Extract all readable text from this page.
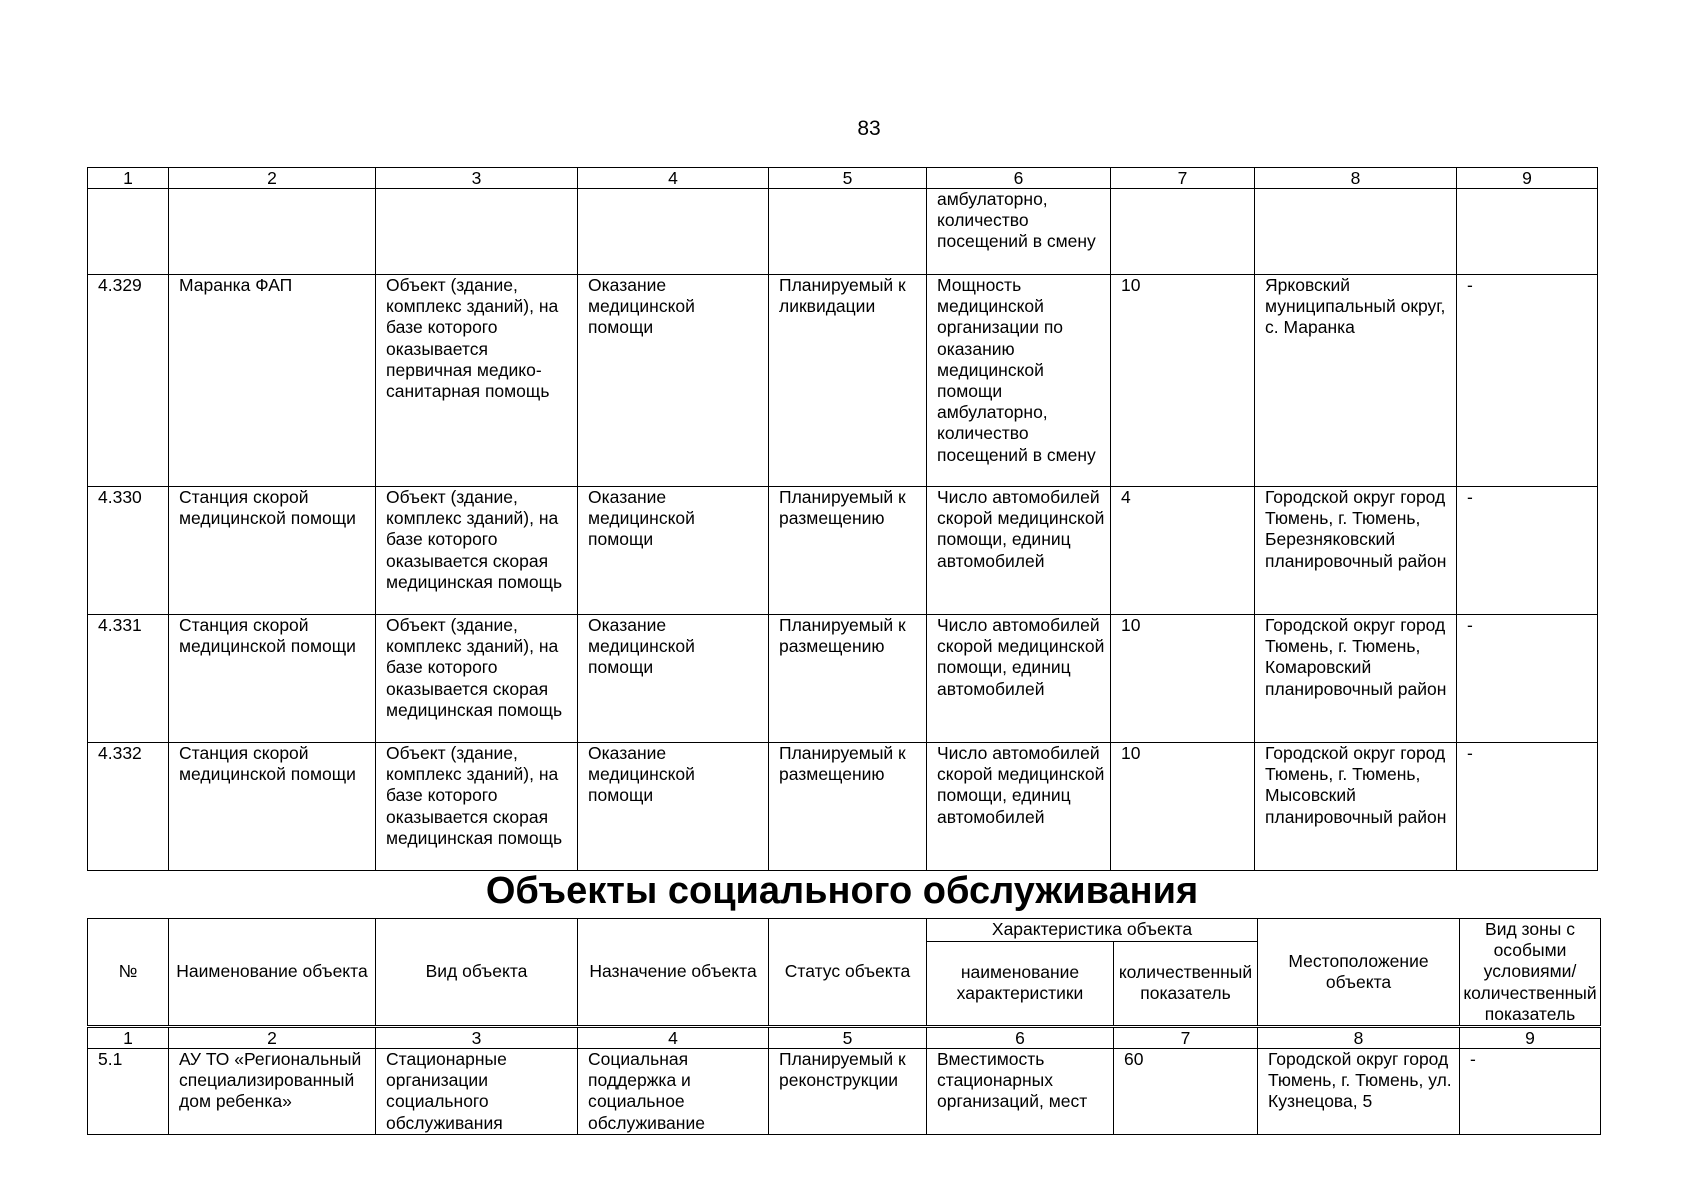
83
1	2	3	4	5	6	7	8	9
					амбулаторно, количество посещений в смену			
4.329	Маранка ФАП	Объект (здание, комплекс зданий), на базе которого оказывается первичная медико-санитарная помощь	Оказание медицинской помощи	Планируемый к ликвидации	Мощность медицинской организации по оказанию медицинской помощи амбулаторно, количество посещений в смену	10	Ярковский муниципальный округ, с. Маранка	-
4.330	Станция скорой медицинской помощи	Объект (здание, комплекс зданий), на базе которого оказывается скорая медицинская помощь	Оказание медицинской помощи	Планируемый к размещению	Число автомобилей скорой медицинской помощи, единиц автомобилей	4	Городской округ город Тюмень, г. Тюмень, Березняковский планировочный район	-
4.331	Станция скорой медицинской помощи	Объект (здание, комплекс зданий), на базе которого оказывается скорая медицинская помощь	Оказание медицинской помощи	Планируемый к размещению	Число автомобилей скорой медицинской помощи, единиц автомобилей	10	Городской округ город Тюмень, г. Тюмень, Комаровский планировочный район	-
4.332	Станция скорой медицинской помощи	Объект (здание, комплекс зданий), на базе которого оказывается скорая медицинская помощь	Оказание медицинской помощи	Планируемый к размещению	Число автомобилей скорой медицинской помощи, единиц автомобилей	10	Городской округ город Тюмень, г. Тюмень, Мысовский планировочный район	-
Объекты социального обслуживания
№	Наименование объекта	Вид объекта	Назначение объекта	Статус объекта	Характеристика объекта		Местоположение объекта	Вид зоны с особыми условиями/ количественный показатель
					наименование характеристики	количественный показатель		
1	2	3	4	5	6	7	8	9
5.1	АУ ТО «Региональный специализированный дом ребенка»	Стационарные организации социального обслуживания	Социальная поддержка и социальное обслуживание	Планируемый к реконструкции	Вместимость стационарных организаций, мест	60	Городской округ город Тюмень, г. Тюмень, ул. Кузнецова, 5	-
